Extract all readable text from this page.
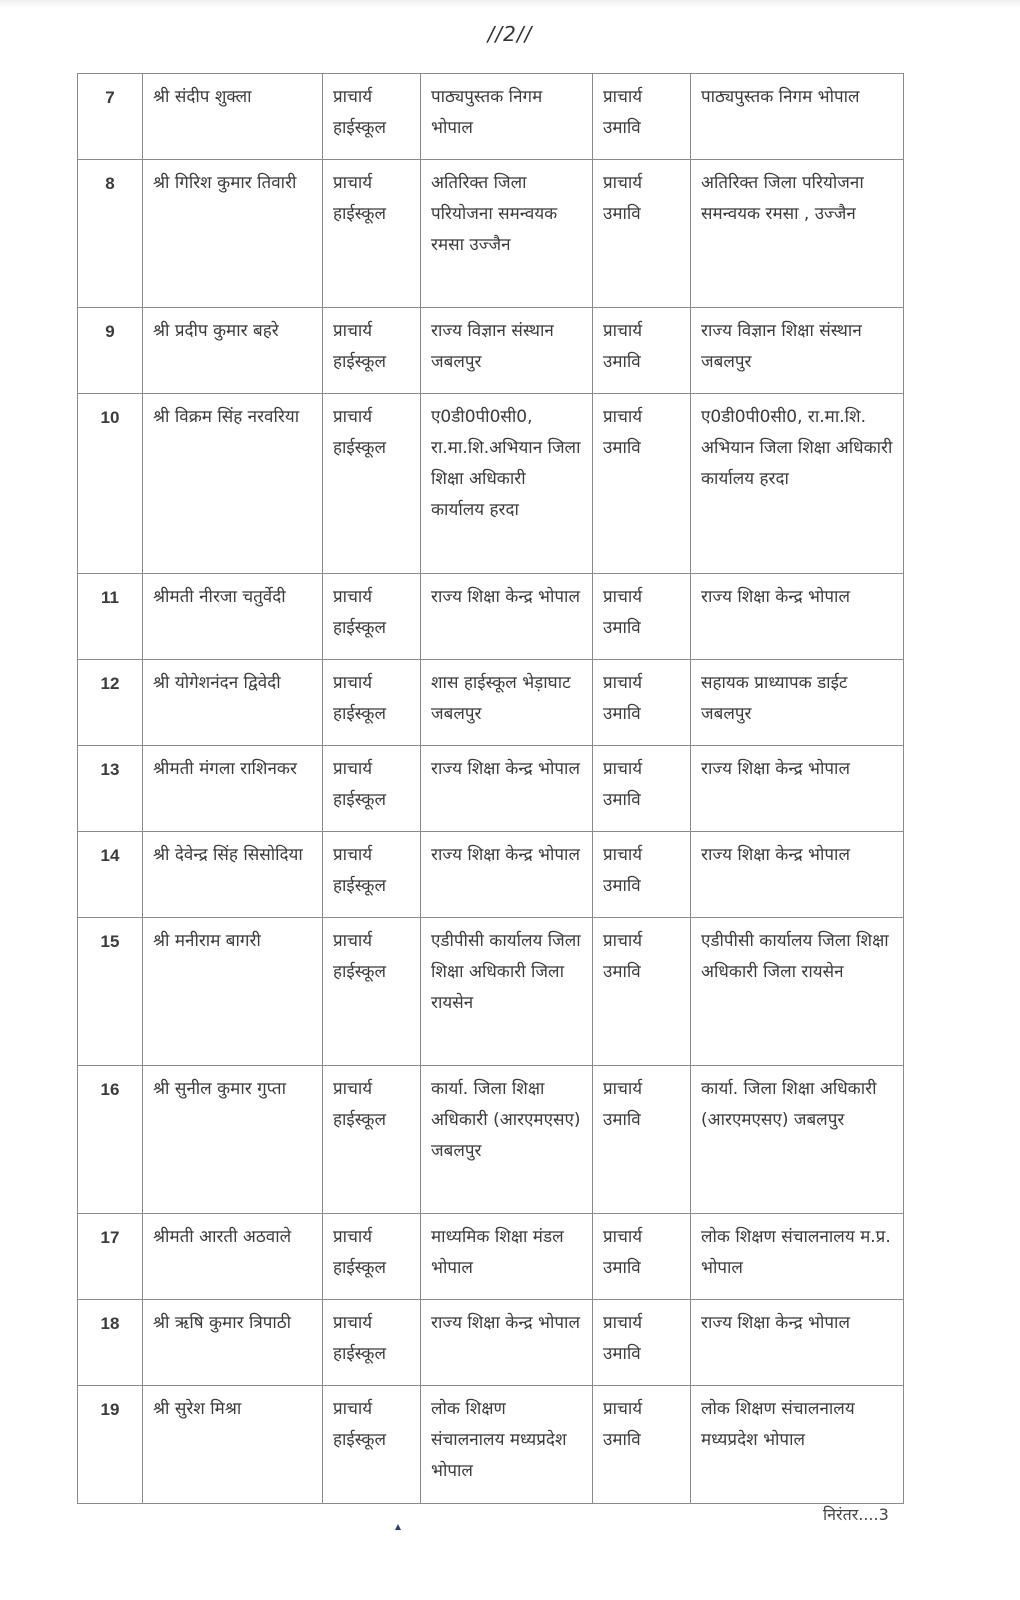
//2//
7	श्री संदीप शुक्ला	प्राचार्य हाईस्कूल	पाठ्यपुस्तक निगम भोपाल	प्राचार्य उमावि	पाठ्यपुस्तक निगम भोपाल
8	श्री गिरिश कुमार तिवारी	प्राचार्य हाईस्कूल	अतिरिक्त जिला परियोजना समन्वयक रमसा उज्जैन	प्राचार्य उमावि	अतिरिक्त जिला परियोजना समन्वयक रमसा , उज्जैन
9	श्री प्रदीप कुमार बहरे	प्राचार्य हाईस्कूल	राज्य विज्ञान संस्थान जबलपुर	प्राचार्य उमावि	राज्य विज्ञान शिक्षा संस्थान जबलपुर
10	श्री विक्रम सिंह नरवरिया	प्राचार्य हाईस्कूल	ए0डी0पी0सी0, रा.मा.शि.अभियान जिला शिक्षा अधिकारी कार्यालय हरदा	प्राचार्य उमावि	ए0डी0पी0सी0, रा.मा.शि. अभियान जिला शिक्षा अधिकारी कार्यालय हरदा
11	श्रीमती नीरजा चतुर्वेदी	प्राचार्य हाईस्कूल	राज्य शिक्षा केन्द्र भोपाल	प्राचार्य उमावि	राज्य शिक्षा केन्द्र भोपाल
12	श्री योगेशनंदन द्विवेदी	प्राचार्य हाईस्कूल	शास हाईस्कूल भेड़ाघाट जबलपुर	प्राचार्य उमावि	सहायक प्राध्यापक डाईट जबलपुर
13	श्रीमती मंगला राशिनकर	प्राचार्य हाईस्कूल	राज्य शिक्षा केन्द्र भोपाल	प्राचार्य उमावि	राज्य शिक्षा केन्द्र भोपाल
14	श्री देवेन्द्र सिंह सिसोदिया	प्राचार्य हाईस्कूल	राज्य शिक्षा केन्द्र भोपाल	प्राचार्य उमावि	राज्य शिक्षा केन्द्र भोपाल
15	श्री मनीराम बागरी	प्राचार्य हाईस्कूल	एडीपीसी कार्यालय जिला शिक्षा अधिकारी जिला रायसेन	प्राचार्य उमावि	एडीपीसी कार्यालय जिला शिक्षा अधिकारी जिला रायसेन
16	श्री सुनील कुमार गुप्ता	प्राचार्य हाईस्कूल	कार्या. जिला शिक्षा अधिकारी (आरएमएसए) जबलपुर	प्राचार्य उमावि	कार्या. जिला शिक्षा अधिकारी (आरएमएसए) जबलपुर
17	श्रीमती आरती अठवाले	प्राचार्य हाईस्कूल	माध्यमिक शिक्षा मंडल भोपाल	प्राचार्य उमावि	लोक शिक्षण संचालनालय म.प्र. भोपाल
18	श्री ऋषि कुमार त्रिपाठी	प्राचार्य हाईस्कूल	राज्य शिक्षा केन्द्र भोपाल	प्राचार्य उमावि	राज्य शिक्षा केन्द्र भोपाल
19	श्री सुरेश मिश्रा	प्राचार्य हाईस्कूल	लोक शिक्षण संचालनालय मध्यप्रदेश भोपाल	प्राचार्य उमावि	लोक शिक्षण संचालनालय मध्यप्रदेश भोपाल
निरंतर....3
